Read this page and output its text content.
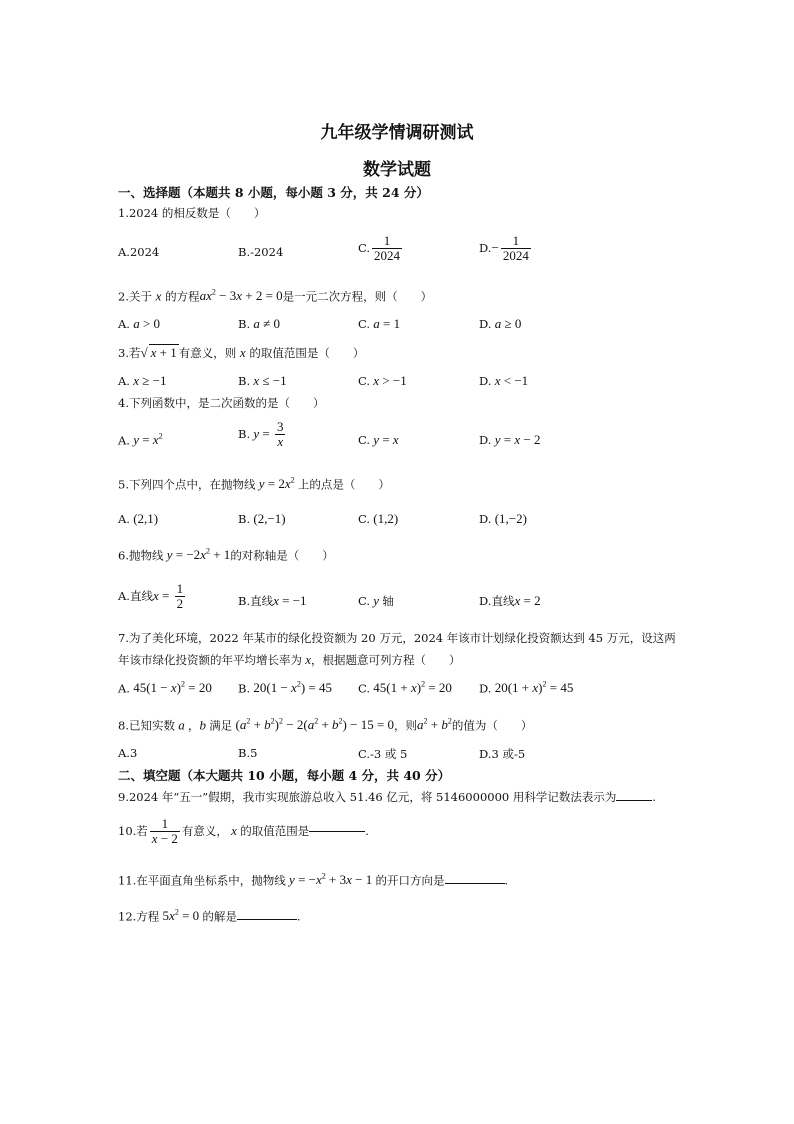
九年级学情调研测试
数学试题
一、选择题（本题共 8 小题，每小题 3 分，共 24 分）
1.2024 的相反数是（　　）
A.2024	B.-2024	C. $\frac{1}{2024}$	$D.- \frac{1}{2024}$
2.关于 x 的方程$ax^2 - 3x + 2 = 0$是一元二次方程，则（　　）
A. a > 0	B. a ≠ 0	C. a = 1	D. a ≥ 0
3.若√ x + 1 有意义，则 x 的取值范围是（　　）
A. x ≥ −1	B. x ≤ −1	C. x > −1	D. x < −1
4.下列函数中，是二次函数的是（　　）
A. $y = x^2$	B. $y = \frac{3}{x}$	C. y = x	D. y = x − 2
5.下列四个点中，在抛物线 $y = 2x^2$ 上的点是（　　）
A. (2,1)	B. (2,−1)	C. (1,2)	D. (1,−2)
6.抛物线 $y = -2x^2 + 1$的对称轴是（　　）
A.直线$x = \frac{1}{2}$	B.直线x = −1	C. y 轴	D.直线x = 2
7.为了美化环境，2022 年某市的绿化投资额为 20 万元，2024 年该市计划绿化投资额达到 45 万元，设这两
年该市绿化投资额的年平均增长率为 x，根据题意可列方程（　　）
A. $45(1 - x)^2 = 20$ B. $20(1 - x^2) = 45$ C. $45(1 + x)^2 = 20$ D. $20(1 + x)^2 = 45$
8.已知实数 a ，b 满足 $(a^2 + b^2)^2 - 2(a^2 + b^2) - 15 = 0$，则$a^2 + b^2$的值为（　　）
A.3	B.5	C.-3 或 5	D.3 或-5
二、填空题（本大题共 10 小题，每小题 4 分，共 40 分）
9.2024 年“五一”假期，我市实现旅游总收入 51.46 亿元，将 5146000000 用科学记数法表示为	.
10.若 $\frac{1}{x - 2}$ 有意义， x 的取值范围是	.
11.在平面直角坐标系中，抛物线 $y = -x^2 + 3x - 1$ 的开口方向是	.
12.方程 $5x^2 = 0$ 的解是	.
